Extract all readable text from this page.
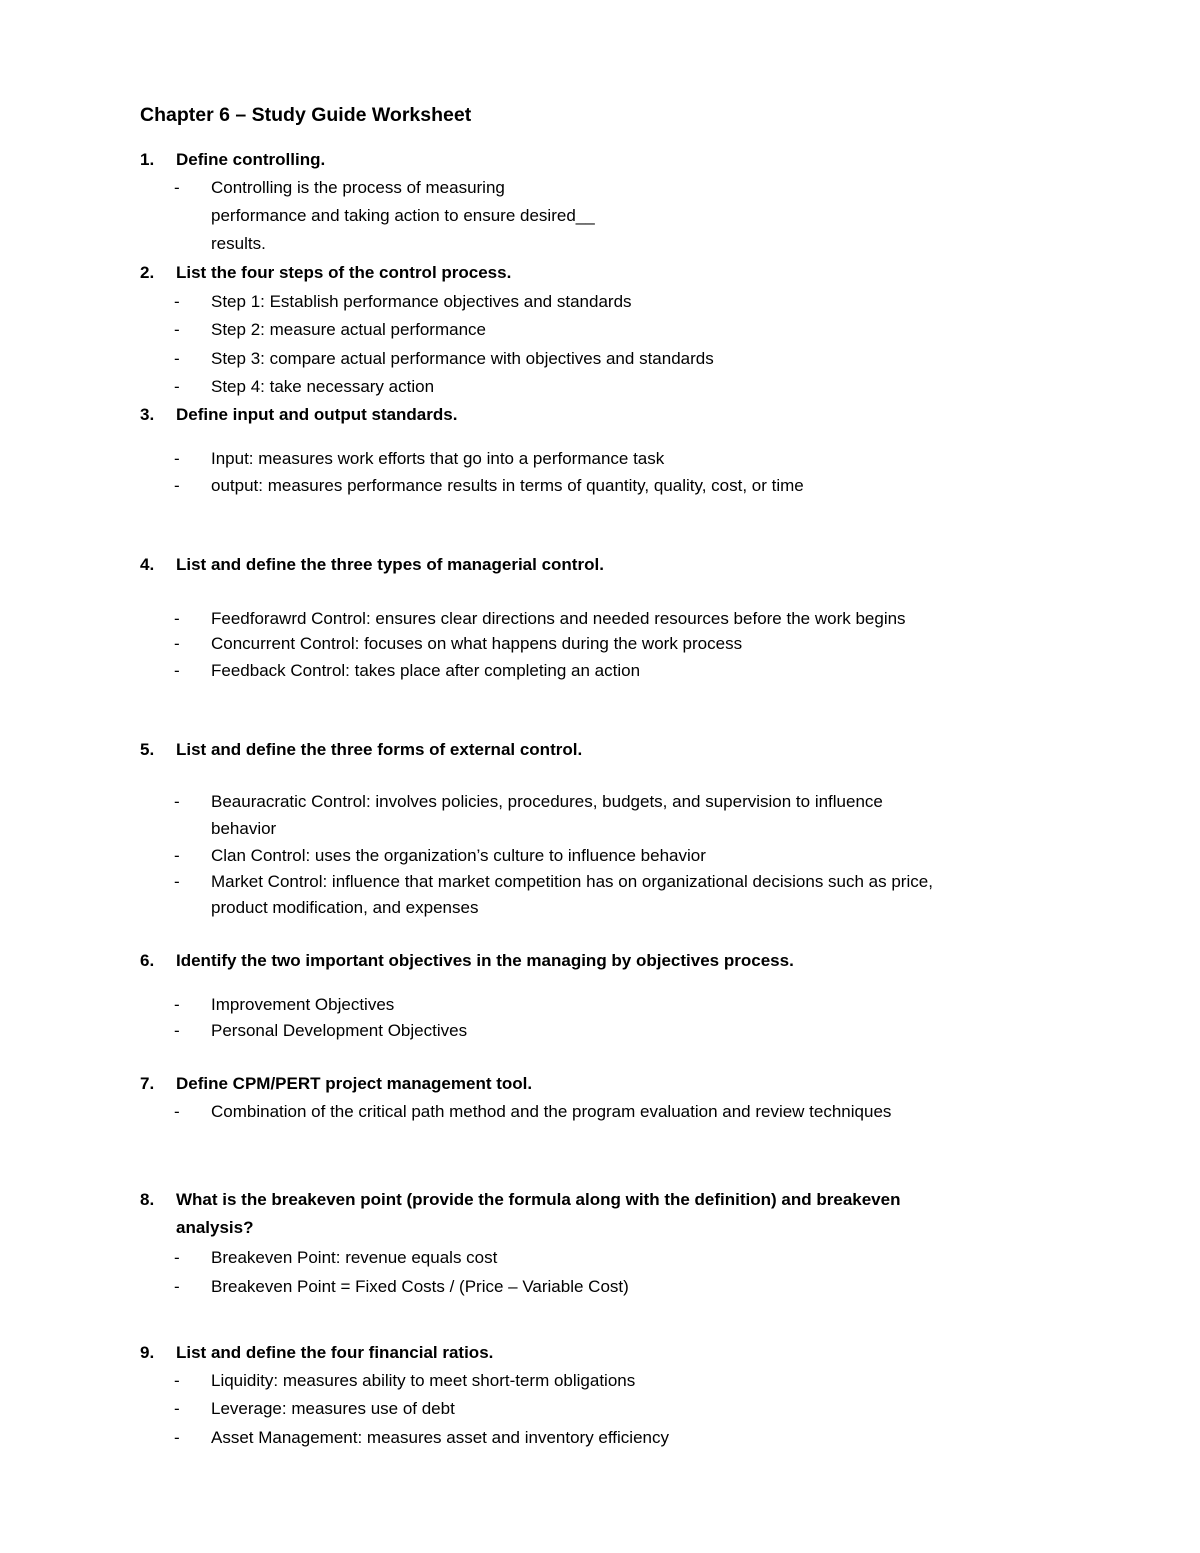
Chapter 6 – Study Guide Worksheet
1. Define controlling.
- Controlling is the process of measuring
performance and taking action to ensure desired__
results.
2. List the four steps of the control process.
- Step 1: Establish performance objectives and standards
- Step 2: measure actual performance
- Step 3: compare actual performance with objectives and standards
- Step 4: take necessary action
3. Define input and output standards.
- Input: measures work efforts that go into a performance task
- output: measures performance results in terms of quantity, quality, cost, or time
4. List and define the three types of managerial control.
- Feedforawrd Control: ensures clear directions and needed resources before the work begins
- Concurrent Control: focuses on what happens during the work process
- Feedback Control: takes place after completing an action
5. List and define the three forms of external control.
- Beauracratic Control: involves policies, procedures, budgets, and supervision to influence
behavior
- Clan Control: uses the organization’s culture to influence behavior
- Market Control: influence that market competition has on organizational decisions such as price,
product modification, and expenses
6. Identify the two important objectives in the managing by objectives process.
- Improvement Objectives
- Personal Development Objectives
7. Define CPM/PERT project management tool.
- Combination of the critical path method and the program evaluation and review techniques
8. What is the breakeven point (provide the formula along with the definition) and breakeven
analysis?
- Breakeven Point: revenue equals cost
- Breakeven Point = Fixed Costs / (Price – Variable Cost)
9. List and define the four financial ratios.
- Liquidity: measures ability to meet short-term obligations
- Leverage: measures use of debt
- Asset Management: measures asset and inventory efficiency
